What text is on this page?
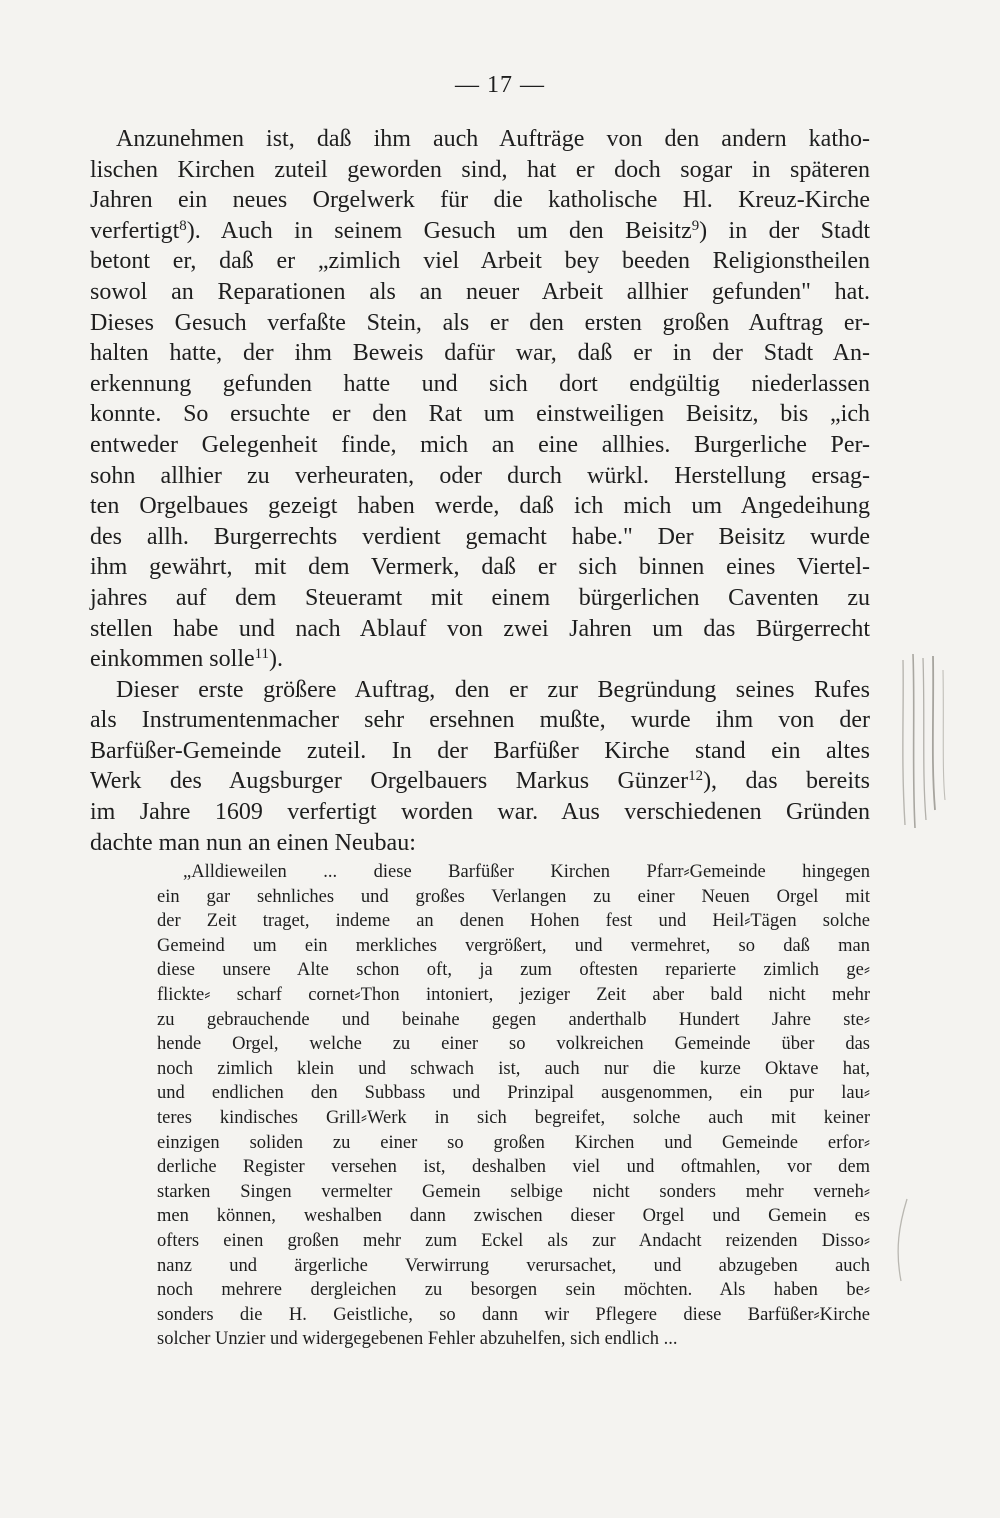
— 17 —
Anzunehmen ist, daß ihm auch Aufträge von den andern katho-
lischen Kirchen zuteil geworden sind, hat er doch sogar in späteren
Jahren ein neues Orgelwerk für die katholische Hl. Kreuz-Kirche
verfertigt$^8$). Auch in seinem Gesuch um den Beisitz$^9$) in der Stadt
betont er, daß er „zimlich viel Arbeit bey beeden Religionstheilen
sowol an Reparationen als an neuer Arbeit allhier gefunden" hat.
Dieses Gesuch verfaßte Stein, als er den ersten großen Auftrag er-
halten hatte, der ihm Beweis dafür war, daß er in der Stadt An-
erkennung gefunden hatte und sich dort endgültig niederlassen
konnte. So ersuchte er den Rat um einstweiligen Beisitz, bis „ich
entweder Gelegenheit finde, mich an eine allhies. Burgerliche Per-
sohn allhier zu verheuraten, oder durch würkl. Herstellung ersag-
ten Orgelbaues gezeigt haben werde, daß ich mich um Angedeihung
des allh. Burgerrechts verdient gemacht habe." Der Beisitz wurde
ihm gewährt, mit dem Vermerk, daß er sich binnen eines Viertel-
jahres auf dem Steueramt mit einem bürgerlichen Caventen zu
stellen habe und nach Ablauf von zwei Jahren um das Bürgerrecht
einkommen solle$^{11}$).
Dieser erste größere Auftrag, den er zur Begründung seines Rufes
als Instrumentenmacher sehr ersehnen mußte, wurde ihm von der
Barfüßer-Gemeinde zuteil. In der Barfüßer Kirche stand ein altes
Werk des Augsburger Orgelbauers Markus Günzer$^{12}$), das bereits
im Jahre 1609 verfertigt worden war. Aus verschiedenen Gründen
dachte man nun an einen Neubau:
„Alldieweilen ... diese Barfüßer Kirchen Pfarr⸗Gemeinde hingegen
ein gar sehnliches und großes Verlangen zu einer Neuen Orgel mit
der Zeit traget, indeme an denen Hohen fest und Heil⸗Tägen solche
Gemeind um ein merkliches vergrößert, und vermehret, so daß man
diese unsere Alte schon oft, ja zum oftesten reparierte zimlich ge⸗
flickte⸗ scharf cornet⸗Thon intoniert, jeziger Zeit aber bald nicht mehr
zu gebrauchende und beinahe gegen anderthalb Hundert Jahre ste⸗
hende Orgel, welche zu einer so volkreichen Gemeinde über das
noch zimlich klein und schwach ist, auch nur die kurze Oktave hat,
und endlichen den Subbass und Prinzipal ausgenommen, ein pur lau⸗
teres kindisches Grill⸗Werk in sich begreifet, solche auch mit keiner
einzigen soliden zu einer so großen Kirchen und Gemeinde erfor⸗
derliche Register versehen ist, deshalben viel und oftmahlen, vor dem
starken Singen vermelter Gemein selbige nicht sonders mehr verneh⸗
men können, weshalben dann zwischen dieser Orgel und Gemein es
ofters einen großen mehr zum Eckel als zur Andacht reizenden Disso⸗
nanz und ärgerliche Verwirrung verursachet, und abzugeben auch
noch mehrere dergleichen zu besorgen sein möchten. Als haben be⸗
sonders die H. Geistliche, so dann wir Pflegere diese Barfüßer⸗Kirche
solcher Unzier und widergegebenen Fehler abzuhelfen, sich endlich ...
